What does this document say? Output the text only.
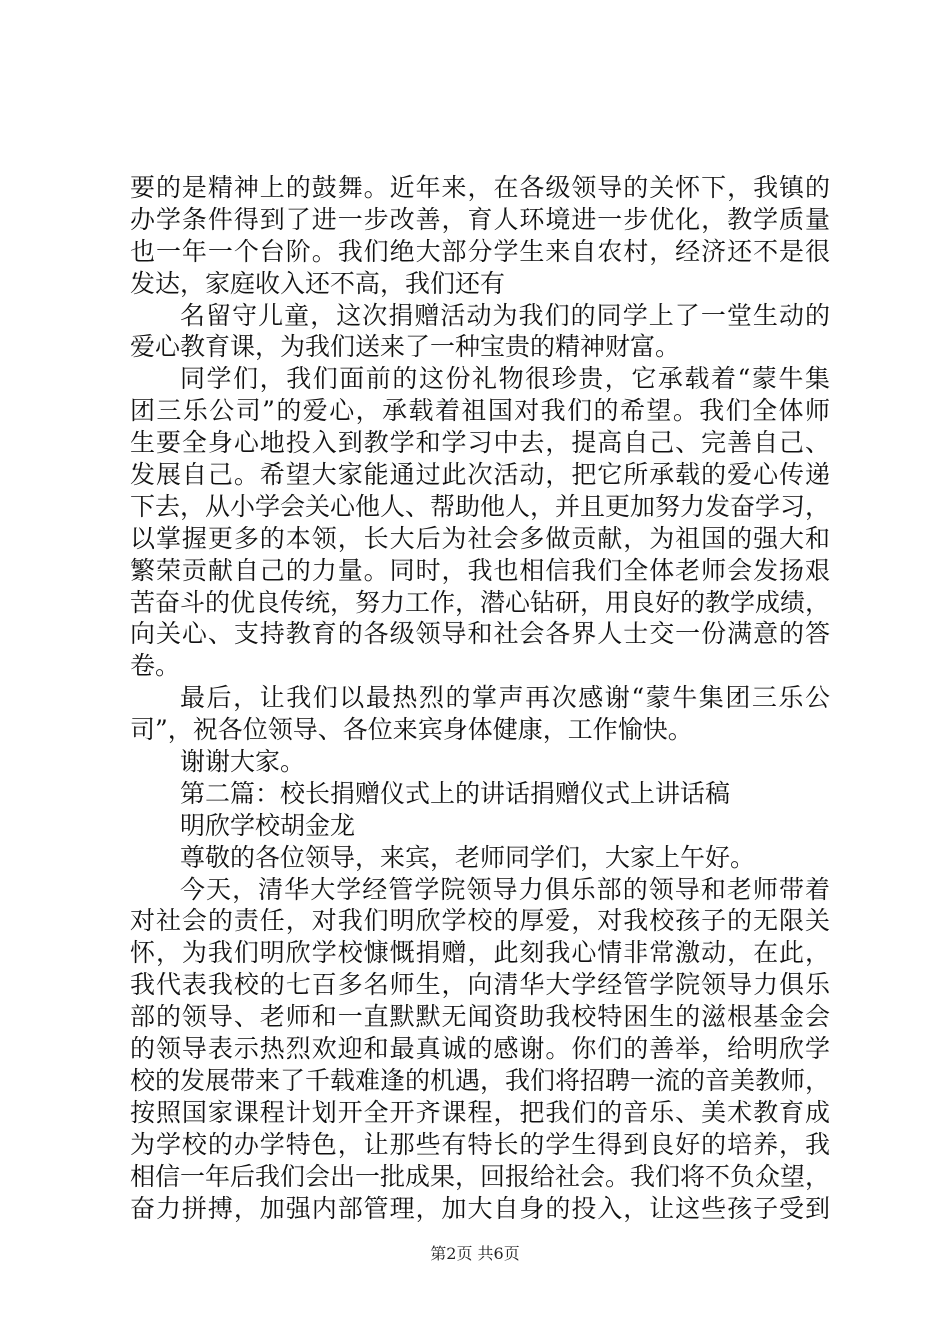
要的是精神上的鼓舞。近年来，在各级领导的关怀下，我镇的
办学条件得到了进一步改善，育人环境进一步优化，教学质量
也一年一个台阶。我们绝大部分学生来自农村，经济还不是很
发达，家庭收入还不高，我们还有
名留守儿童，这次捐赠活动为我们的同学上了一堂生动的
爱心教育课，为我们送来了一种宝贵的精神财富。
同学们，我们面前的这份礼物很珍贵，它承载着“蒙牛集
团三乐公司”的爱心，承载着祖国对我们的希望。我们全体师
生要全身心地投入到教学和学习中去，提高自己、完善自己、
发展自己。希望大家能通过此次活动，把它所承载的爱心传递
下去，从小学会关心他人、帮助他人，并且更加努力发奋学习，
以掌握更多的本领，长大后为社会多做贡献，为祖国的强大和
繁荣贡献自己的力量。同时，我也相信我们全体老师会发扬艰
苦奋斗的优良传统，努力工作，潜心钻研，用良好的教学成绩，
向关心、支持教育的各级领导和社会各界人士交一份满意的答
卷。
最后，让我们以最热烈的掌声再次感谢“蒙牛集团三乐公
司”，祝各位领导、各位来宾身体健康，工作愉快。
谢谢大家。
第二篇：校长捐赠仪式上的讲话捐赠仪式上讲话稿
明欣学校胡金龙
尊敬的各位领导，来宾，老师同学们，大家上午好。
今天，清华大学经管学院领导力俱乐部的领导和老师带着
对社会的责任，对我们明欣学校的厚爱，对我校孩子的无限关
怀，为我们明欣学校慷慨捐赠，此刻我心情非常激动，在此，
我代表我校的七百多名师生，向清华大学经管学院领导力俱乐
部的领导、老师和一直默默无闻资助我校特困生的滋根基金会
的领导表示热烈欢迎和最真诚的感谢。你们的善举，给明欣学
校的发展带来了千载难逢的机遇，我们将招聘一流的音美教师，
按照国家课程计划开全开齐课程，把我们的音乐、美术教育成
为学校的办学特色，让那些有特长的学生得到良好的培养，我
相信一年后我们会出一批成果，回报给社会。我们将不负众望，
奋力拼搏，加强内部管理，加大自身的投入，让这些孩子受到
第2页 共6页
